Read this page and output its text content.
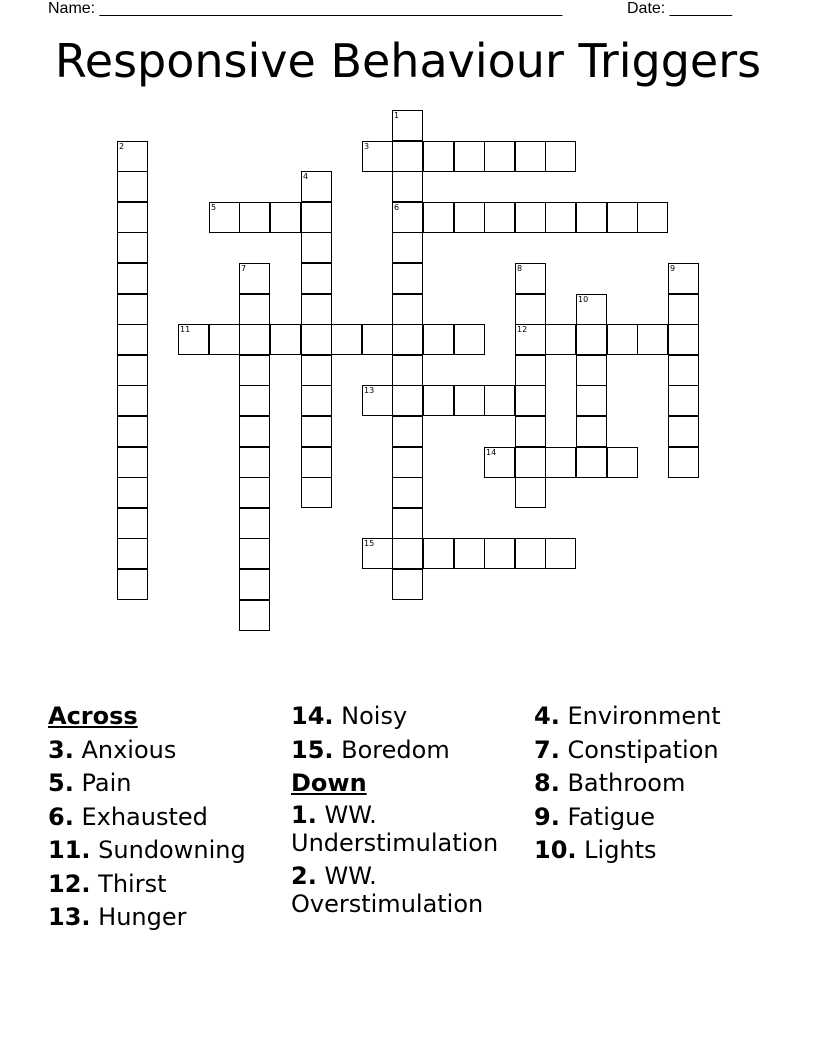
Name: ____________________________________________________	Date: _______
Responsive Behaviour Triggers
1
6
2	3
4
5
7	8
12
9
10
11
13
14
15
Across
3. Anxious
5. Pain
6. Exhausted
11. Sundowning
12. Thirst
13. Hunger
14. Noisy
15. Boredom
Down
1. WW. Understimulation
2. WW. Overstimulation
4. Environment
7. Constipation
8. Bathroom
9. Fatigue
10. Lights
